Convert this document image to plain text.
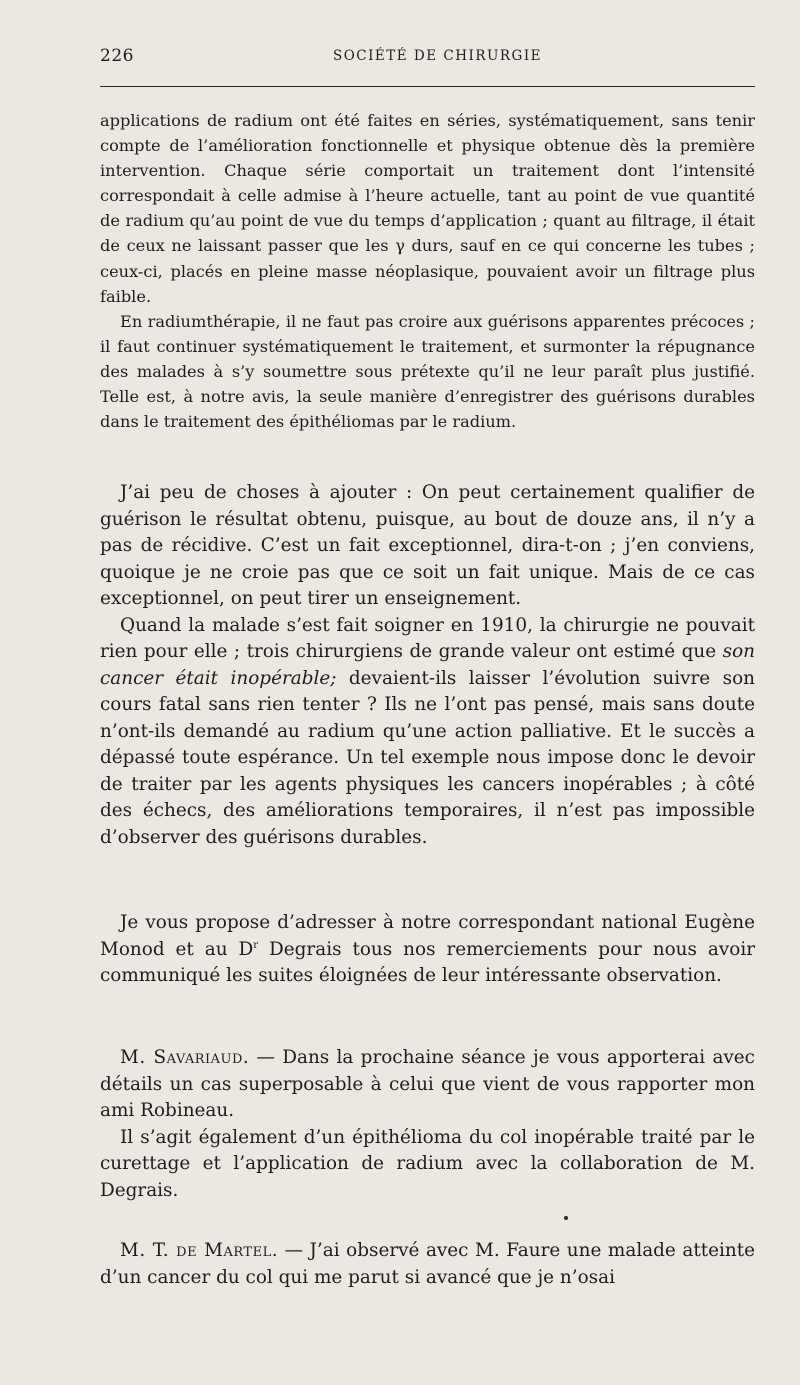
226	SOCIÉTÉ DE CHIRURGIE

applications de radium ont été faites en séries, systématiquement, sans tenir compte de l’amélioration fonctionnelle et physique obtenue dès la première intervention. Chaque série comportait un traitement dont l’intensité correspondait à celle admise à l’heure actuelle, tant au point de vue quantité de radium qu’au point de vue du temps d’application ; quant au filtrage, il était de ceux ne laissant passer que les γ durs, sauf en ce qui concerne les tubes ; ceux-ci, placés en pleine masse néoplasique, pouvaient avoir un filtrage plus faible.

En radiumthérapie, il ne faut pas croire aux guérisons apparentes précoces ; il faut continuer systématiquement le traitement, et surmonter la répugnance des malades à s’y soumettre sous prétexte qu’il ne leur paraît plus justifié. Telle est, à notre avis, la seule manière d’enregistrer des guérisons durables dans le traitement des épithéliomas par le radium.

J’ai peu de choses à ajouter : On peut certainement qualifier de guérison le résultat obtenu, puisque, au bout de douze ans, il n’y a pas de récidive. C’est un fait exceptionnel, dira-t-on ; j’en conviens, quoique je ne croie pas que ce soit un fait unique. Mais de ce cas exceptionnel, on peut tirer un enseignement.

Quand la malade s’est fait soigner en 1910, la chirurgie ne pouvait rien pour elle ; trois chirurgiens de grande valeur ont estimé que son cancer était inopérable; devaient-ils laisser l’évolution suivre son cours fatal sans rien tenter ? Ils ne l’ont pas pensé, mais sans doute n’ont-ils demandé au radium qu’une action palliative. Et le succès a dépassé toute espérance. Un tel exemple nous impose donc le devoir de traiter par les agents physiques les cancers inopérables ; à côté des échecs, des améliorations temporaires, il n’est pas impossible d’observer des guérisons durables.

Je vous propose d’adresser à notre correspondant national Eugène Monod et au $D^r$ Degrais tous nos remerciements pour nous avoir communiqué les suites éloignées de leur intéressante observation.

M. Savariaud. — Dans la prochaine séance je vous apporterai avec détails un cas superposable à celui que vient de vous rapporter mon ami Robineau.

Il s’agit également d’un épithélioma du col inopérable traité par le curettage et l’application de radium avec la collaboration de M. Degrais.

M. T. de Martel. — J’ai observé avec M. Faure une malade atteinte d’un cancer du col qui me parut si avancé que je n’osai
